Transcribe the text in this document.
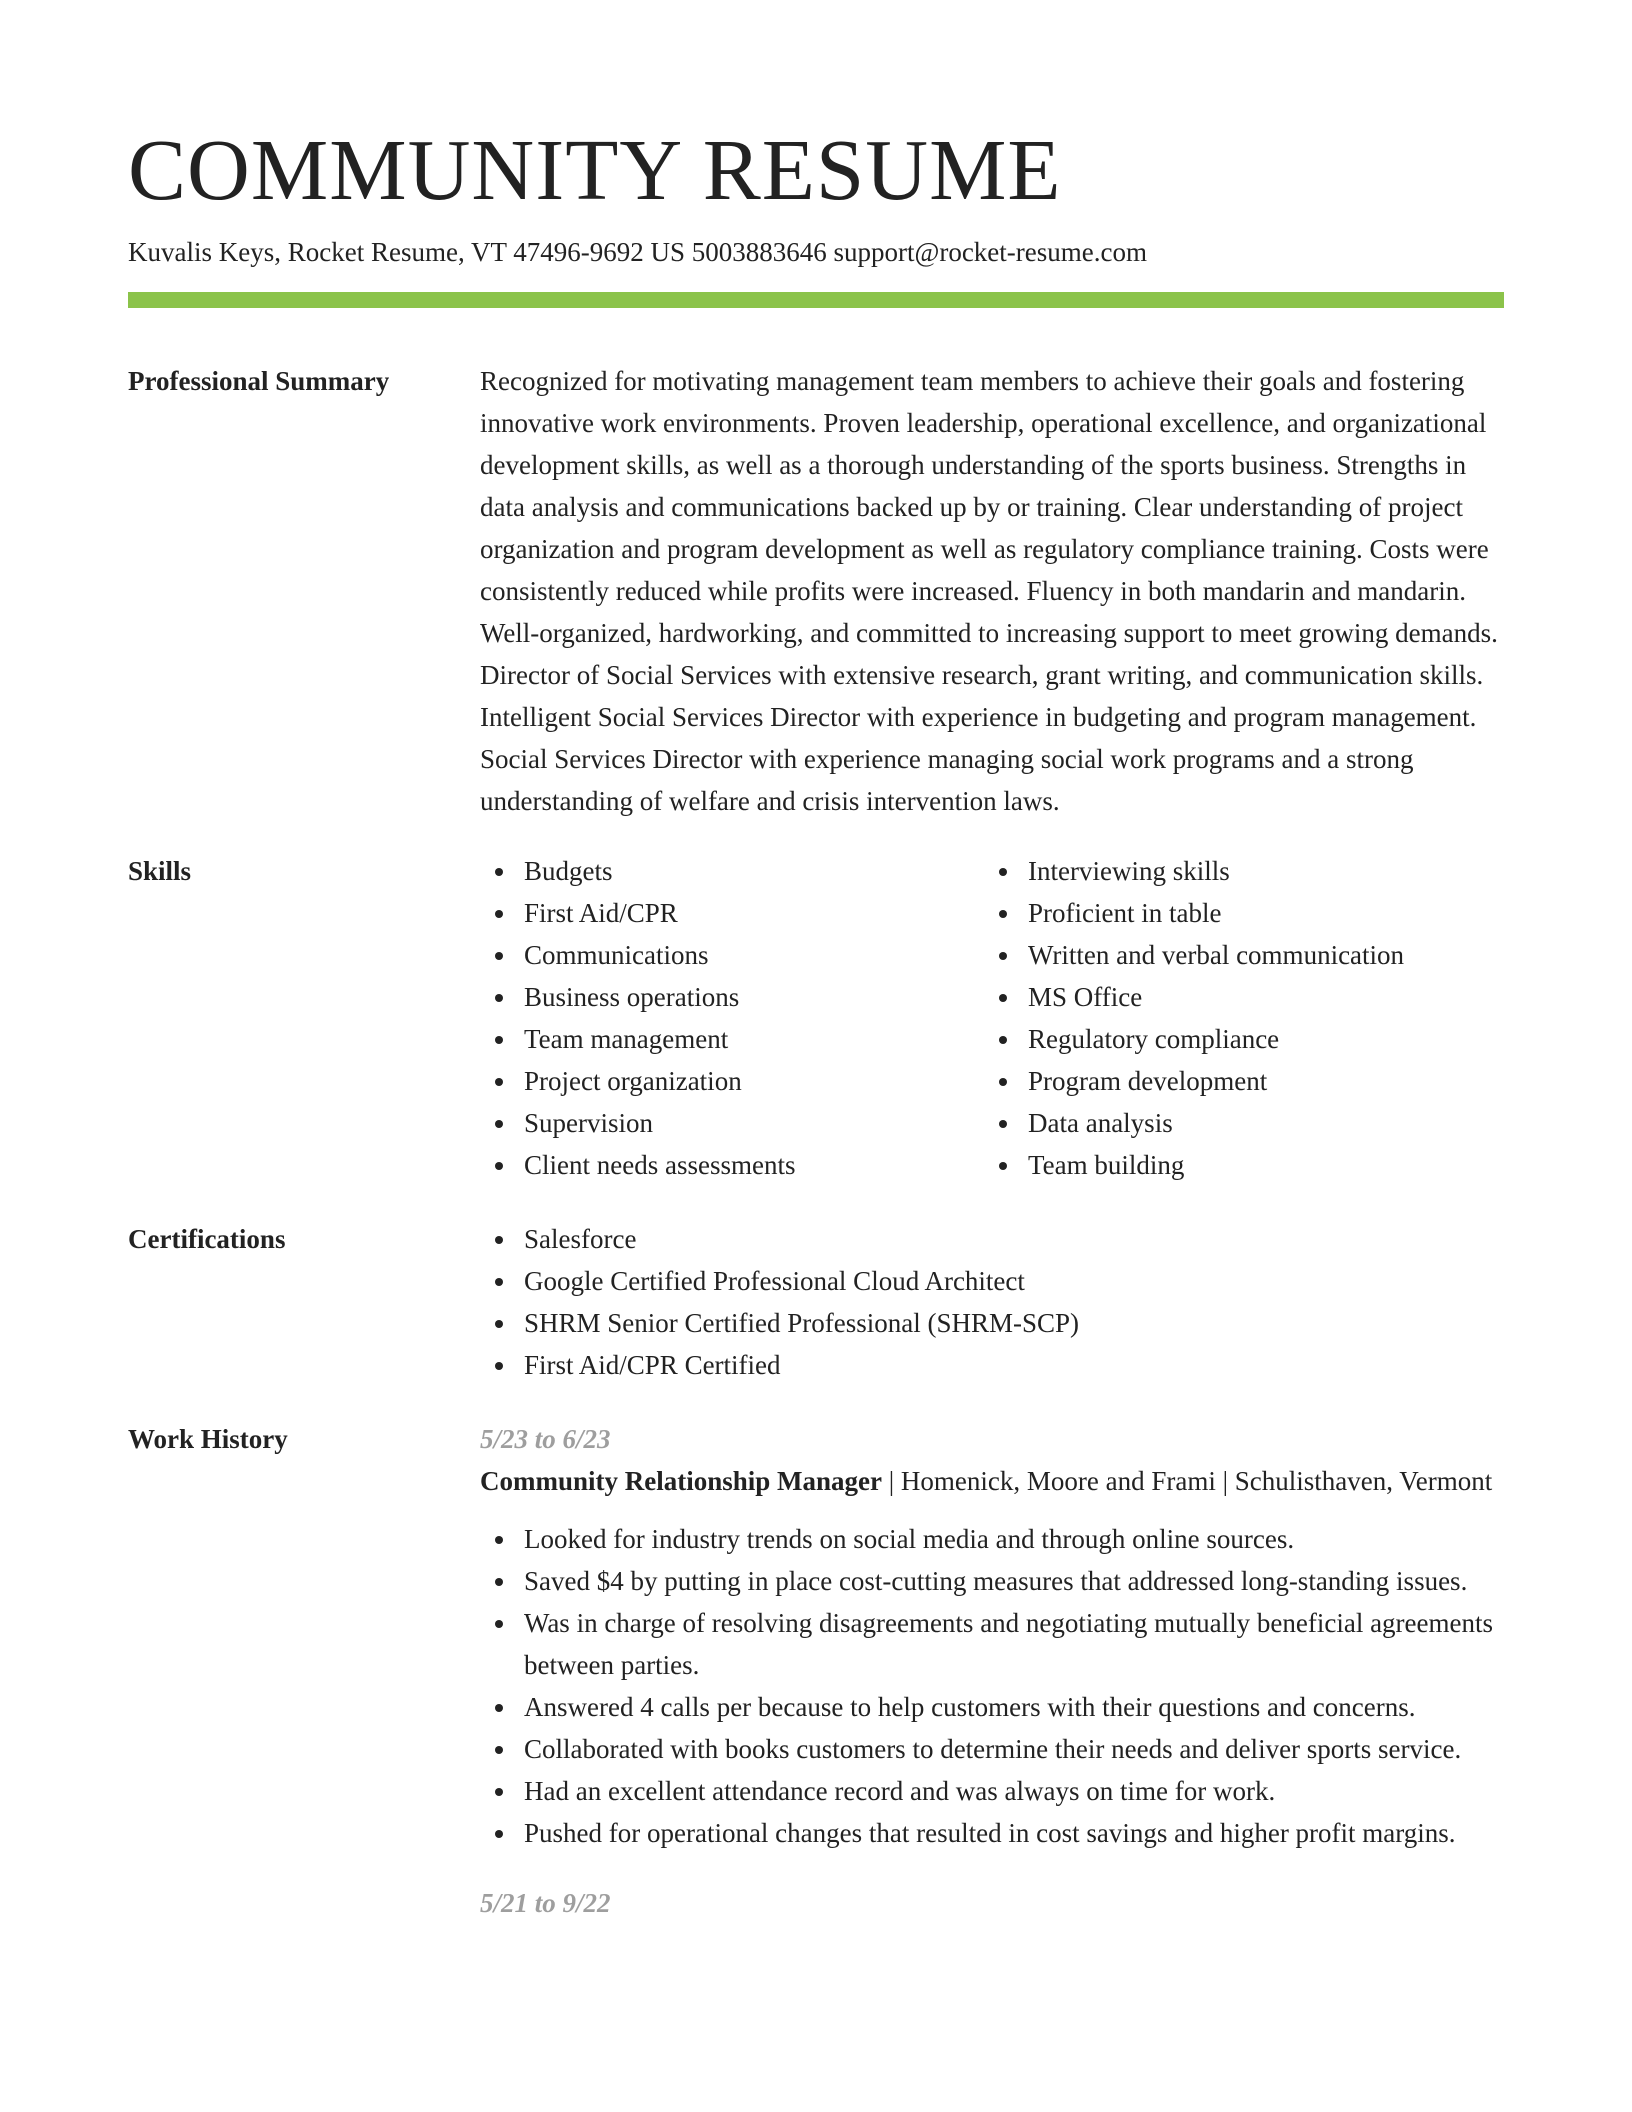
COMMUNITY RESUME
Kuvalis Keys, Rocket Resume, VT 47496-9692 US 5003883646 support@rocket-resume.com
Professional Summary	Recognized for motivating management team members to achieve their goals and fostering innovative work environments. Proven leadership, operational excellence, and organizational development skills, as well as a thorough understanding of the sports business. Strengths in data analysis and communications backed up by or training. Clear understanding of project organization and program development as well as regulatory compliance training. Costs were consistently reduced while profits were increased. Fluency in both mandarin and mandarin. Well-organized, hardworking, and committed to increasing support to meet growing demands. Director of Social Services with extensive research, grant writing, and communication skills. Intelligent Social Services Director with experience in budgeting and program management. Social Services Director with experience managing social work programs and a strong understanding of welfare and crisis intervention laws.

Skills	Budgets
First Aid/CPR
Communications
Business operations
Team management
Project organization
Supervision
Client needs assessments
Interviewing skills
Proficient in table
Written and verbal communication
MS Office
Regulatory compliance
Program development
Data analysis
Team building
Certifications	Salesforce
Google Certified Professional Cloud Architect
SHRM Senior Certified Professional (SHRM-SCP)
First Aid/CPR Certified
Work History	5/23 to 6/23
Community Relationship Manager | Homenick, Moore and Frami | Schulisthaven, Vermont
Looked for industry trends on social media and through online sources.
Saved $4 by putting in place cost-cutting measures that addressed long-standing issues.
Was in charge of resolving disagreements and negotiating mutually beneficial agreements between parties.
Answered 4 calls per because to help customers with their questions and concerns.
Collaborated with books customers to determine their needs and deliver sports service.
Had an excellent attendance record and was always on time for work.
Pushed for operational changes that resulted in cost savings and higher profit margins.
5/21 to 9/22
